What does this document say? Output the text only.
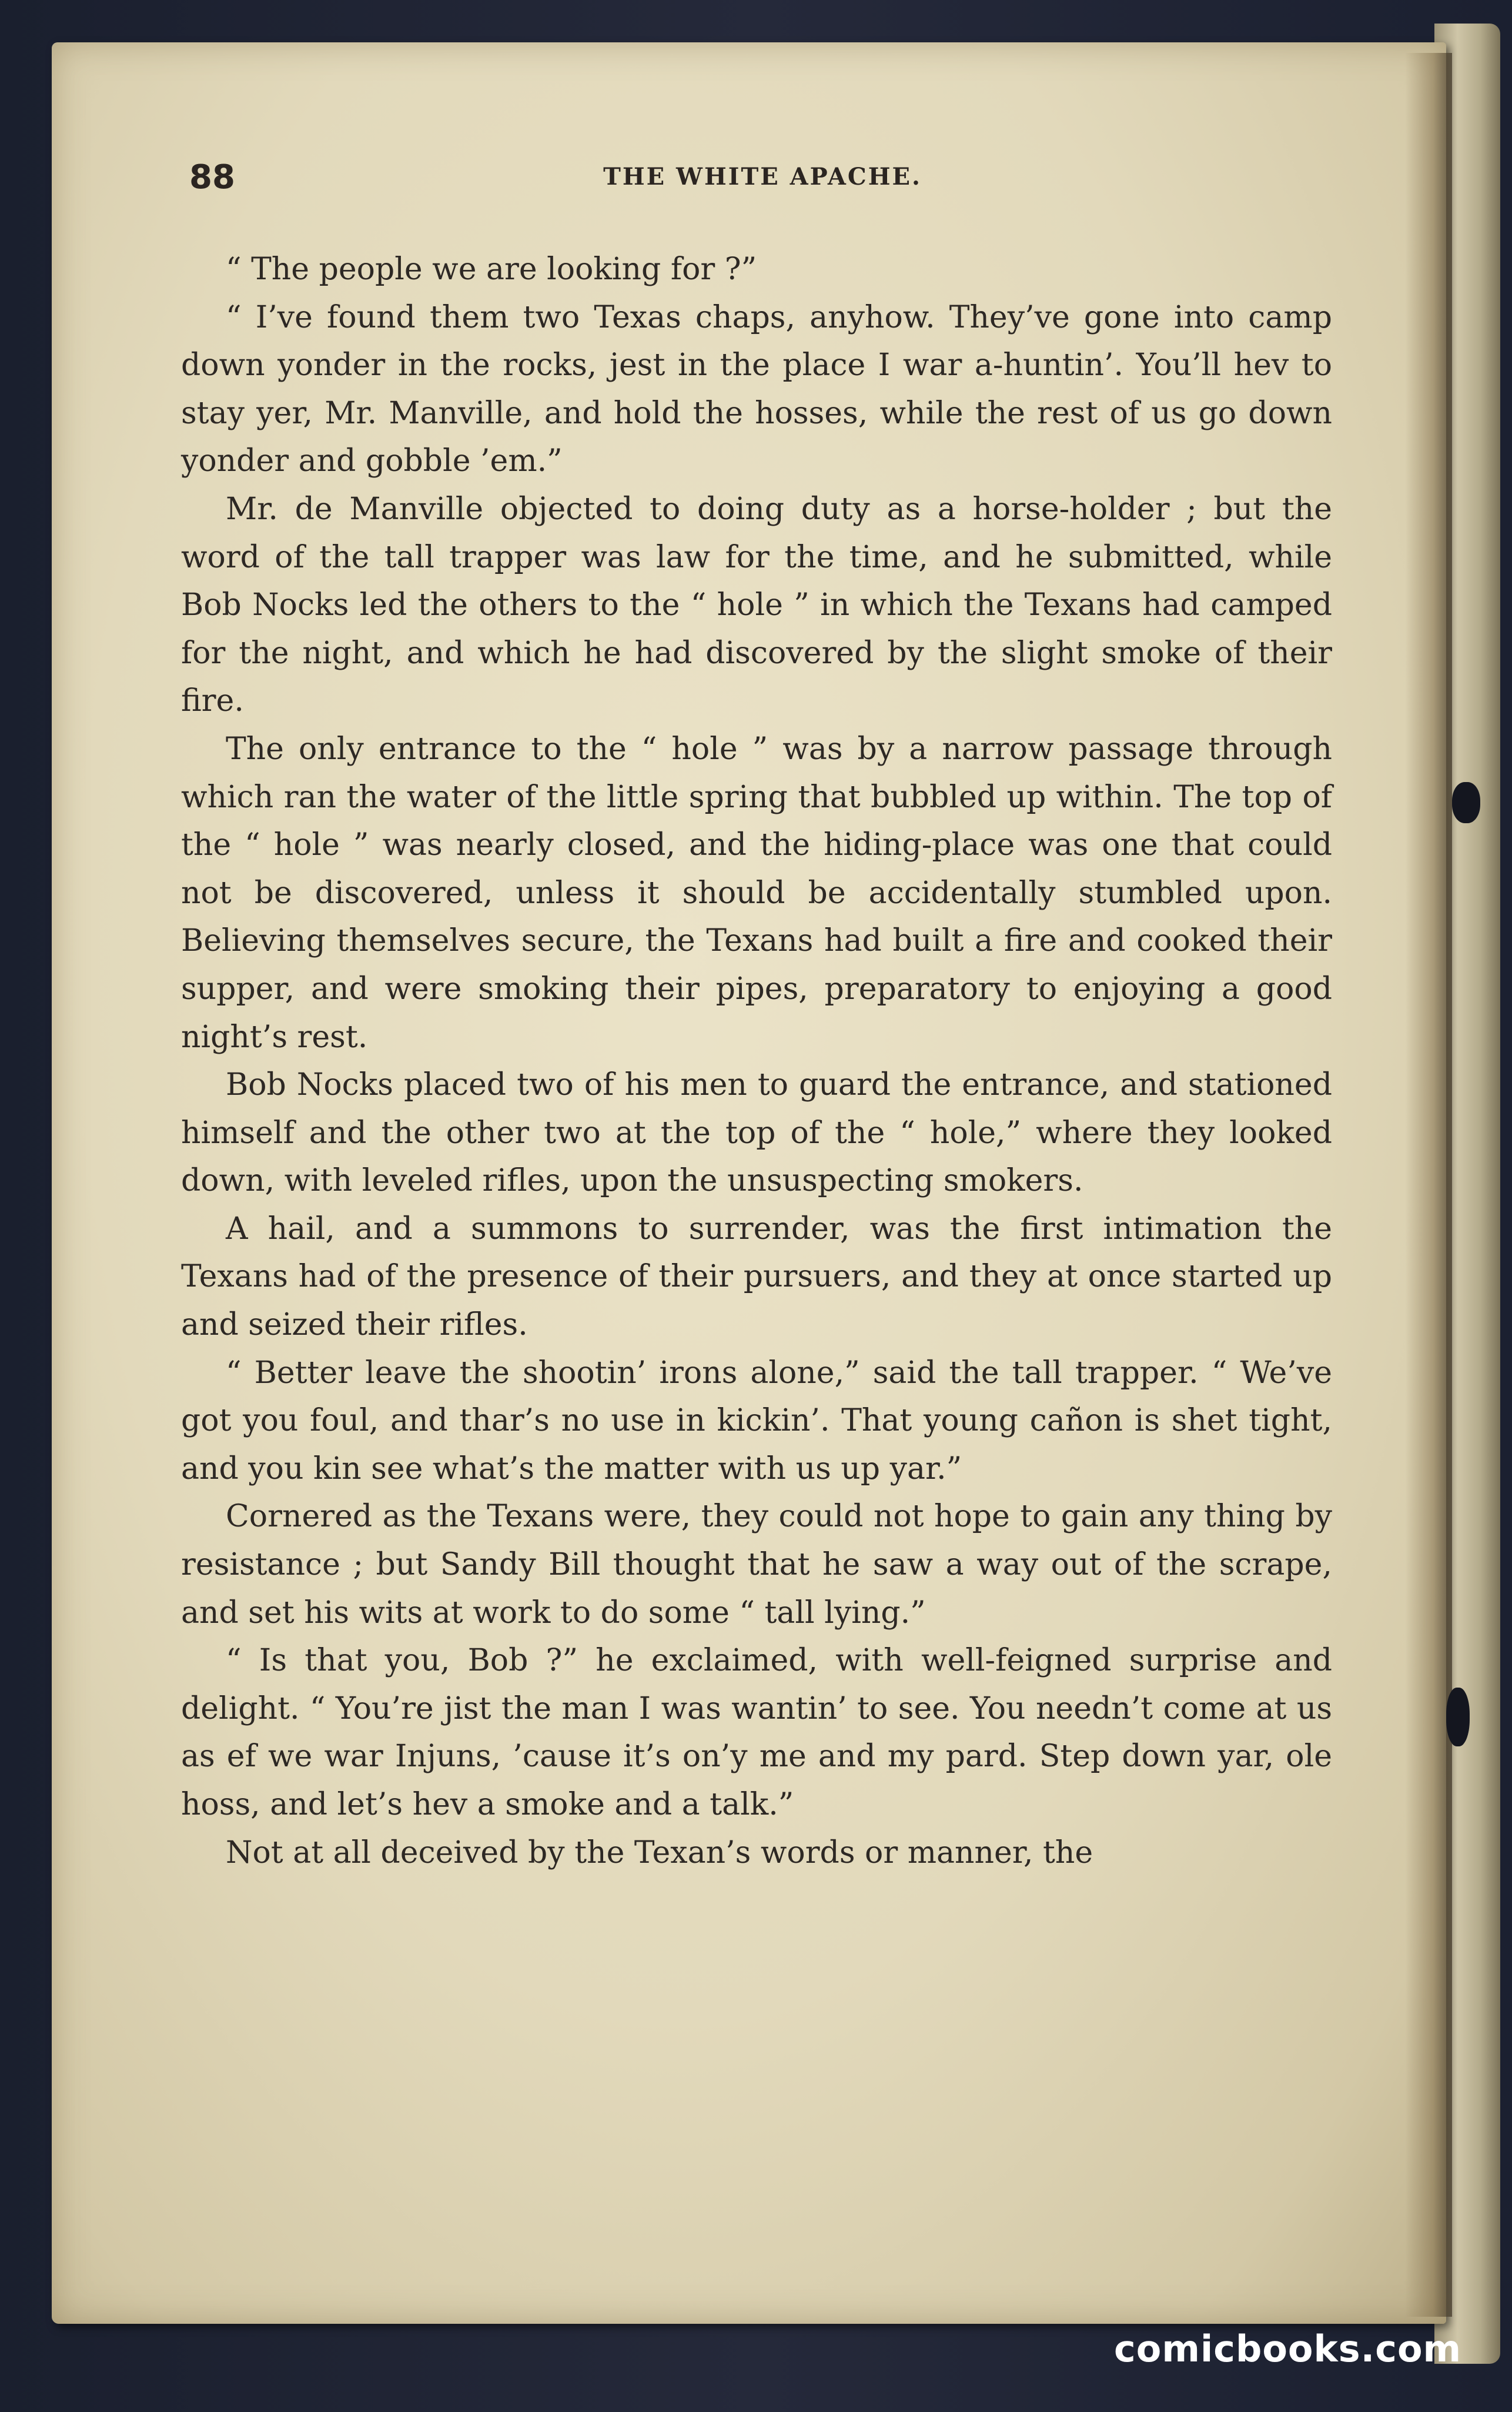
88	THE WHITE APACHE.

“ The people we are looking for ?”

“ I’ve found them two Texas chaps, anyhow. They’ve gone into camp down yonder in the rocks, jest in the place I war a-huntin’. You’ll hev to stay yer, Mr. Manville, and hold the hosses, while the rest of us go down yonder and gobble ’em.”

Mr. de Manville objected to doing duty as a horse-holder ; but the word of the tall trapper was law for the time, and he submitted, while Bob Nocks led the others to the “ hole ” in which the Texans had camped for the night, and which he had discovered by the slight smoke of their fire.

The only entrance to the “ hole ” was by a narrow passage through which ran the water of the little spring that bubbled up within. The top of the “ hole ” was nearly closed, and the hiding-place was one that could not be discovered, unless it should be accidentally stumbled upon. Believing themselves secure, the Texans had built a fire and cooked their supper, and were smoking their pipes, preparatory to enjoying a good night’s rest.

Bob Nocks placed two of his men to guard the entrance, and stationed himself and the other two at the top of the “ hole,” where they looked down, with leveled rifles, upon the unsuspecting smokers.

A hail, and a summons to surrender, was the first intimation the Texans had of the presence of their pursuers, and they at once started up and seized their rifles.

“ Better leave the shootin’ irons alone,” said the tall trapper. “ We’ve got you foul, and thar’s no use in kickin’. That young cañon is shet tight, and you kin see what’s the matter with us up yar.”

Cornered as the Texans were, they could not hope to gain any thing by resistance ; but Sandy Bill thought that he saw a way out of the scrape, and set his wits at work to do some “ tall lying.”

“ Is that you, Bob ?” he exclaimed, with well-feigned surprise and delight. “ You’re jist the man I was wantin’ to see. You needn’t come at us as ef we war Injuns, ’cause it’s on’y me and my pard. Step down yar, ole hoss, and let’s hev a smoke and a talk.”

Not at all deceived by the Texan’s words or manner, the

comicbooks.com
